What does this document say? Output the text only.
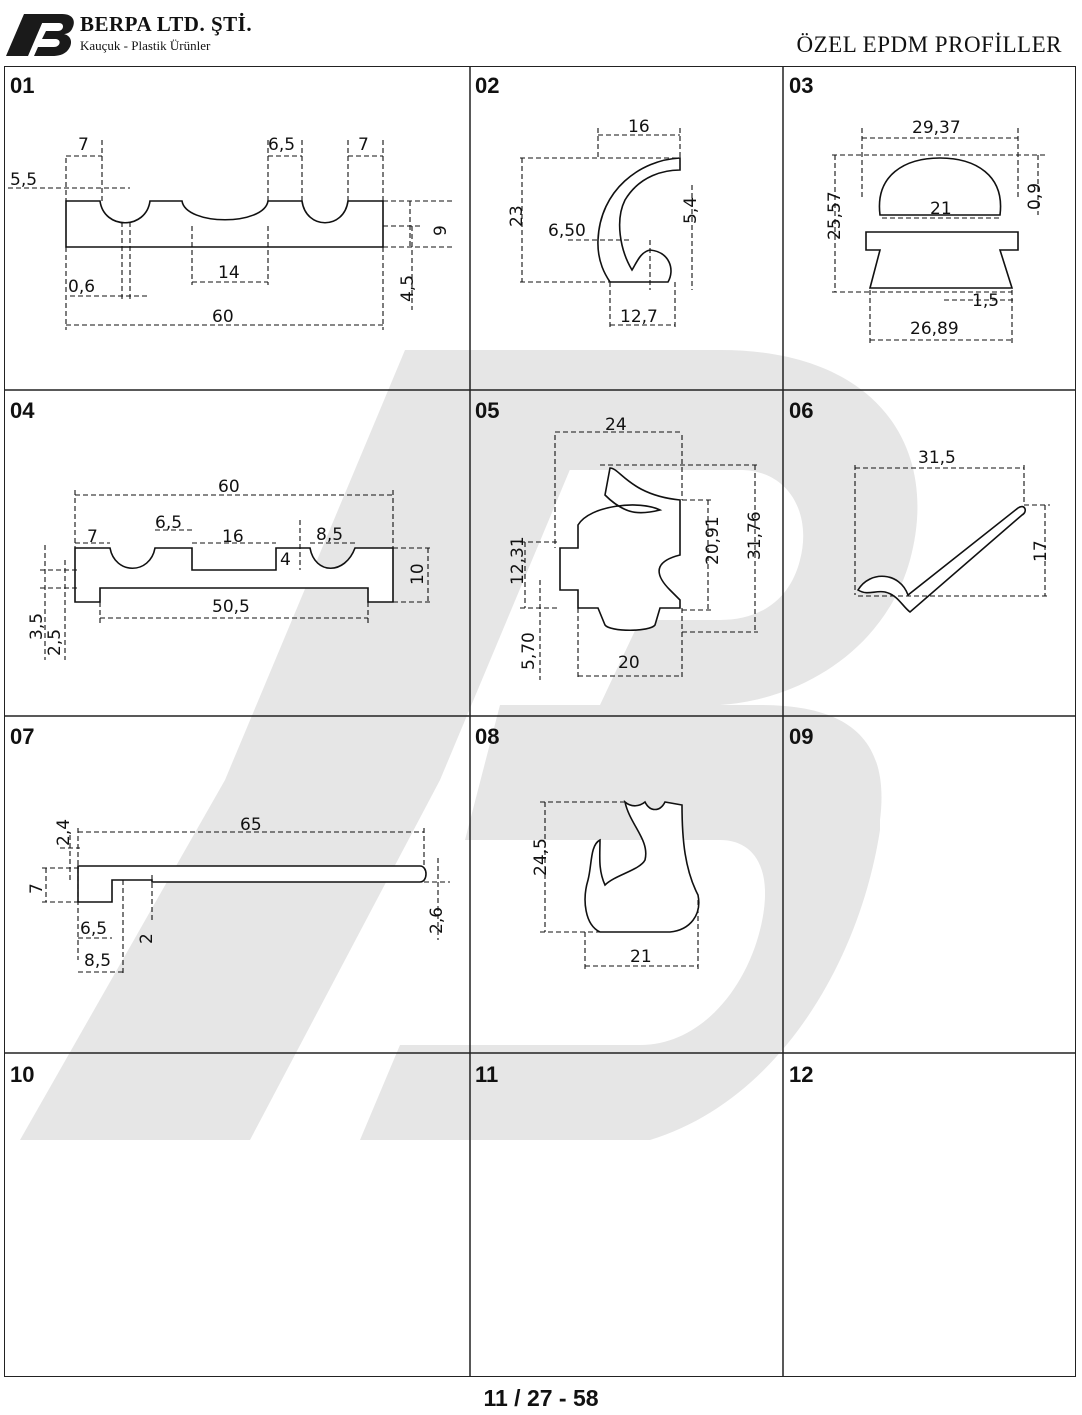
BERPA LTD. ŞTİ.
Kauçuk - Plastik Ürünler	ÖZEL EPDM PROFİLLER
01	02	03
04	05	06
07	08	09
10	11	12
7	6,5	7
5,5
9
0,6
14
4,5
60
16
23
6,50
5,4
12,7
29,37
25,57	21	0,9
1,5
26,89
60
7
6,5
16	8,5
4
10
3,5
2,5
50,5
24
12,31	20,91 31,76
5,70	20
31,5
17
65
2,4
7
6,5
8,5
2
2,6
24,5
21
11 / 27 - 58
